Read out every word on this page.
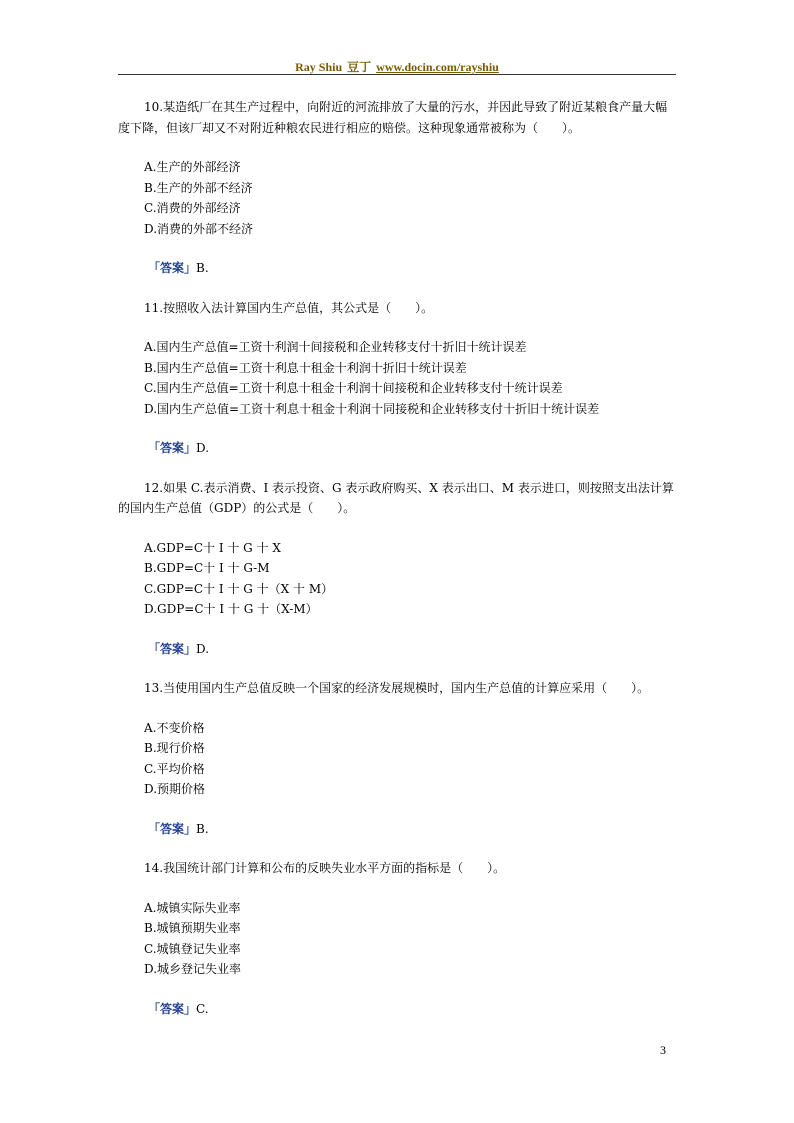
Ray Shiu 豆丁 www.docin.com/rayshiu

10.某造纸厂在其生产过程中，向附近的河流排放了大量的污水，并因此导致了附近某粮食产量大幅度下降，但该厂却又不对附近种粮农民进行相应的赔偿。这种现象通常被称为（　　）。

A.生产的外部经济
B.生产的外部不经济
C.消费的外部经济
D.消费的外部不经济
「答案」B.

11.按照收入法计算国内生产总值，其公式是（　　）。

A.国内生产总值=工资十利润十间接税和企业转移支付十折旧十统计误差
B.国内生产总值=工资十利息十租金十利润十折旧十统计误差
C.国内生产总值=工资十利息十租金十利润十间接税和企业转移支付十统计误差
D.国内生产总值=工资十利息十租金十利润十同接税和企业转移支付十折旧十统计误差
「答案」D.

12.如果 C.表示消费、I 表示投资、G 表示政府购买、X 表示出口、M 表示进口，则按照支出法计算的国内生产总值（GDP）的公式是（　　）。

A.GDP=C十 I 十 G 十 X
B.GDP=C十 I 十 G-M
C.GDP=C十 I 十 G 十（X 十 M）
D.GDP=C十 I 十 G 十（X-M）
「答案」D.

13.当使用国内生产总值反映一个国家的经济发展规模时，国内生产总值的计算应采用（　　）。

A.不变价格
B.现行价格
C.平均价格
D.预期价格
「答案」B.

14.我国统计部门计算和公布的反映失业水平方面的指标是（　　）。

A.城镇实际失业率
B.城镇预期失业率
C.城镇登记失业率
D.城乡登记失业率
「答案」C.
3
